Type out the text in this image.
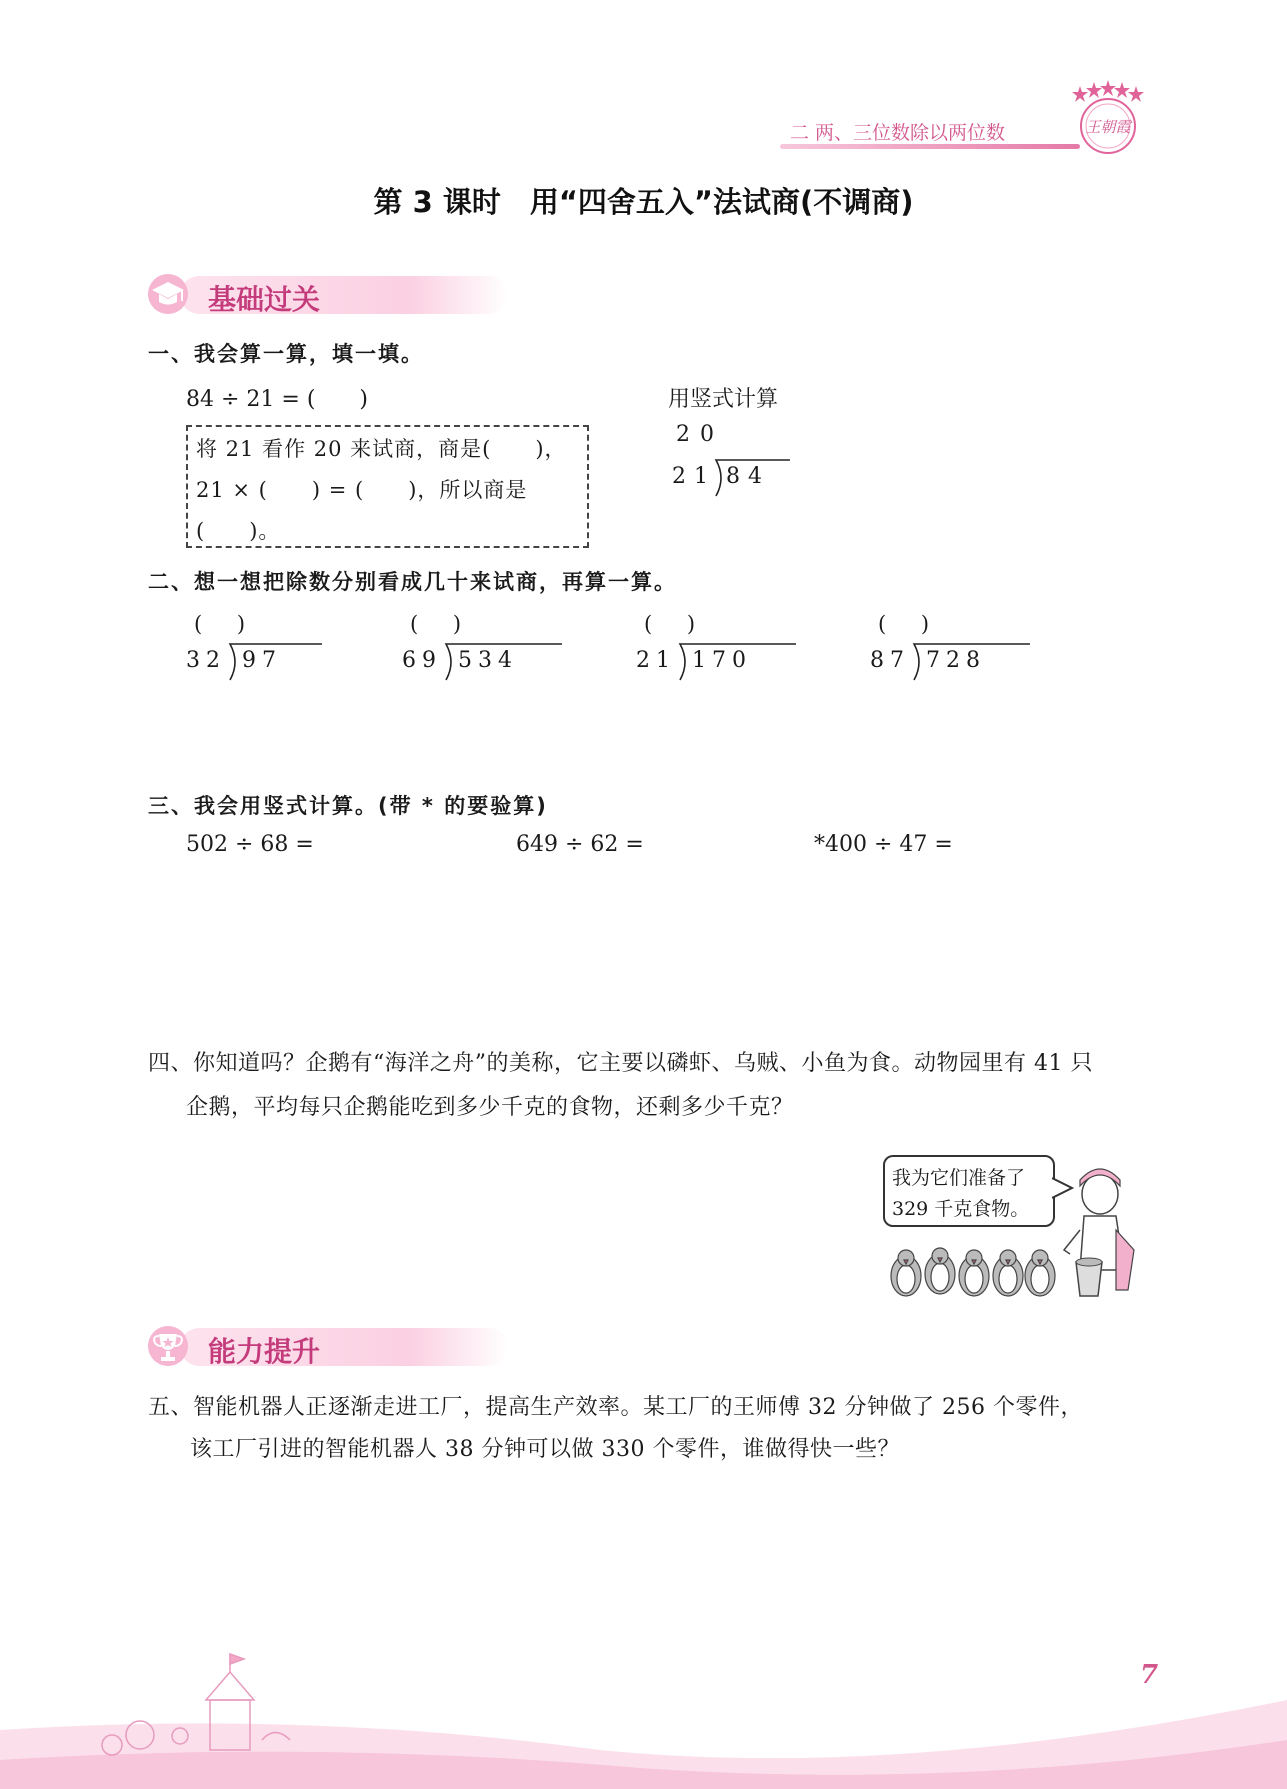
王朝霞
二 两、三位数除以两位数
第 3 课时　用“四舍五入”法试商(不调商)
基础过关
一、我会算一算，填一填。
84 ÷ 21 = (　　)
将 21 看作 20 来试商，商是(　　)，
21 × (　　) = (　　)，所以商是
(　　)。
用竖式计算
20
21 84
二、想一想把除数分别看成几十来试商，再算一算。
( )
32 97
( )
69 534
( )
21 170
( )
87 728
三、我会用竖式计算。(带 * 的要验算)
502 ÷ 68 =	649 ÷ 62 =	*400 ÷ 47 =
四、你知道吗？企鹅有“海洋之舟”的美称，它主要以磷虾、乌贼、小鱼为食。动物园里有 41 只
企鹅，平均每只企鹅能吃到多少千克的食物，还剩多少千克？
我为它们准备了
329 千克食物。
能力提升
五、智能机器人正逐渐走进工厂，提高生产效率。某工厂的王师傅 32 分钟做了 256 个零件，
该工厂引进的智能机器人 38 分钟可以做 330 个零件，谁做得快一些？
7
